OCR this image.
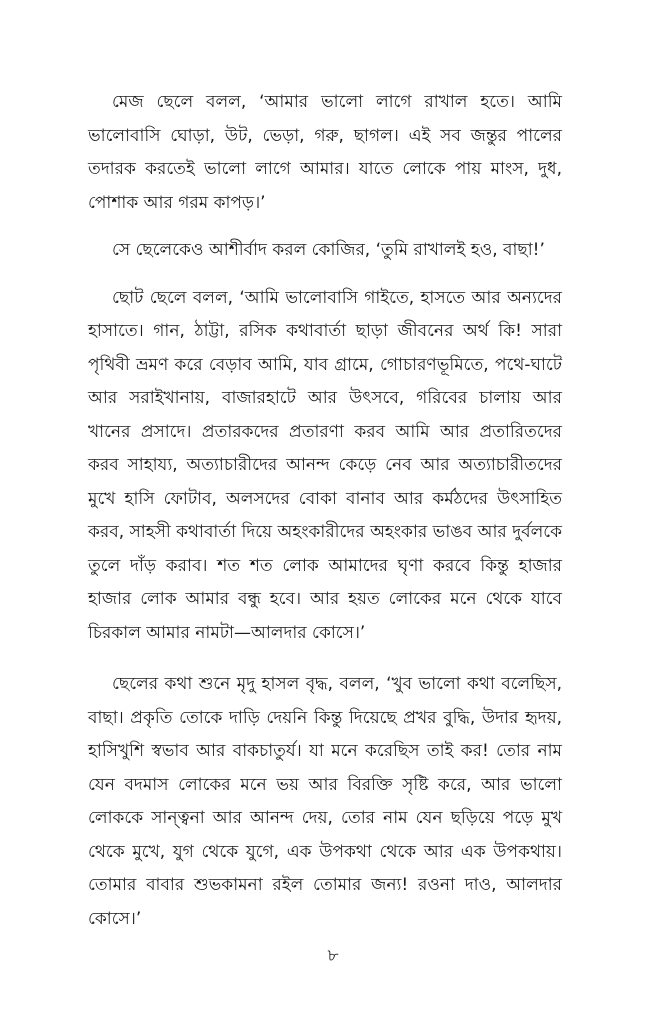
মেজ ছেলে বলল, ‘আমার ভালো লাগে রাখাল হতে। আমি ভালোবাসি ঘোড়া, উট, ভেড়া, গরু, ছাগল। এই সব জন্তুর পালের তদারক করতেই ভালো লাগে আমার। যাতে লোকে পায় মাংস, দুধ, পোশাক আর গরম কাপড়।’

সে ছেলেকেও আশীর্বাদ করল কোজির, ‘তুমি রাখালই হও, বাছা!’

ছোট ছেলে বলল, ‘আমি ভালোবাসি গাইতে, হাসতে আর অন্যদের হাসাতে। গান, ঠাট্টা, রসিক কথাবার্তা ছাড়া জীবনের অর্থ কি! সারা পৃথিবী ভ্রমণ করে বেড়াব আমি, যাব গ্রামে, গোচারণভূমিতে, পথে-ঘাটে আর সরাইখানায়, বাজারহাটে আর উৎসবে, গরিবের চালায় আর খানের প্রসাদে। প্রতারকদের প্রতারণা করব আমি আর প্রতারিতদের করব সাহায্য, অত্যাচারীদের আনন্দ কেড়ে নেব আর অত্যাচারীতদের মুখে হাসি ফোটাব, অলসদের বোকা বানাব আর কর্মঠদের উৎসাহিত করব, সাহসী কথাবার্তা দিয়ে অহংকারীদের অহংকার ভাঙব আর দুর্বলকে তুলে দাঁড় করাব। শত শত লোক আমাদের ঘৃণা করবে কিন্তু হাজার হাজার লোক আমার বন্ধু হবে। আর হয়ত লোকের মনে থেকে যাবে চিরকাল আমার নামটা—আলদার কোসে।’

ছেলের কথা শুনে মৃদু হাসল বৃদ্ধ, বলল, ‘খুব ভালো কথা বলেছিস, বাছা। প্রকৃতি তোকে দাড়ি দেয়নি কিন্তু দিয়েছে প্রখর বুদ্ধি, উদার হৃদয়, হাসিখুশি স্বভাব আর বাকচাতুর্য। যা মনে করেছিস তাই কর! তোর নাম যেন বদমাস লোকের মনে ভয় আর বিরক্তি সৃষ্টি করে, আর ভালো লোককে সান্ত্বনা আর আনন্দ দেয়, তোর নাম যেন ছড়িয়ে পড়ে মুখ থেকে মুখে, যুগ থেকে যুগে, এক উপকথা থেকে আর এক উপকথায়। তোমার বাবার শুভকামনা রইল তোমার জন্য! রওনা দাও, আলদার কোসে।’

৮
